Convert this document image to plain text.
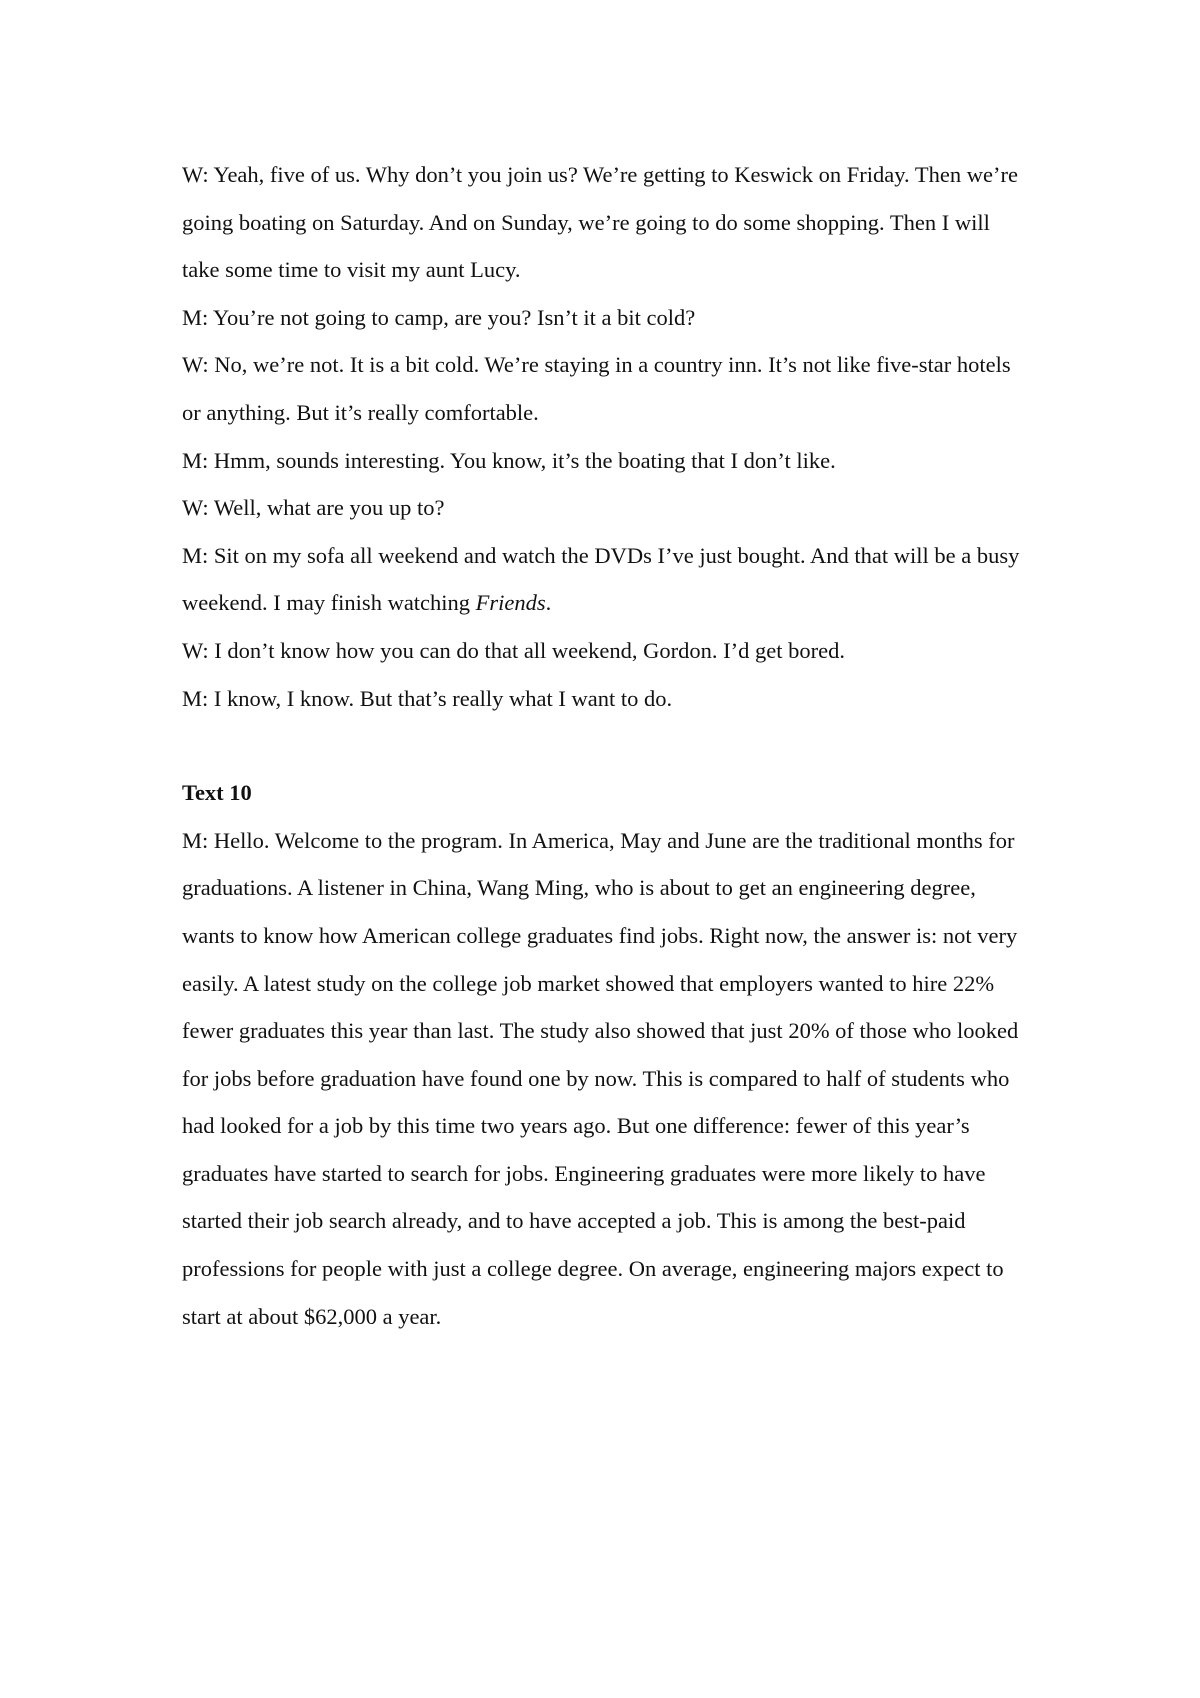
W: Yeah, five of us. Why don’t you join us? We’re getting to Keswick on Friday. Then we’re going boating on Saturday. And on Sunday, we’re going to do some shopping. Then I will take some time to visit my aunt Lucy.

M: You’re not going to camp, are you? Isn’t it a bit cold?

W: No, we’re not. It is a bit cold. We’re staying in a country inn. It’s not like five-star hotels or anything. But it’s really comfortable.

M: Hmm, sounds interesting. You know, it’s the boating that I don’t like.

W: Well, what are you up to?

M: Sit on my sofa all weekend and watch the DVDs I’ve just bought. And that will be a busy weekend. I may finish watching Friends.

W: I don’t know how you can do that all weekend, Gordon. I’d get bored.

M: I know, I know. But that’s really what I want to do.

Text 10

M: Hello. Welcome to the program. In America, May and June are the traditional months for graduations. A listener in China, Wang Ming, who is about to get an engineering degree, wants to know how American college graduates find jobs. Right now, the answer is: not very easily. A latest study on the college job market showed that employers wanted to hire 22% fewer graduates this year than last. The study also showed that just 20% of those who looked for jobs before graduation have found one by now. This is compared to half of students who had looked for a job by this time two years ago. But one difference: fewer of this year’s graduates have started to search for jobs. Engineering graduates were more likely to have started their job search already, and to have accepted a job. This is among the best-paid professions for people with just a college degree. On average, engineering majors expect to start at about $62,000 a year.
